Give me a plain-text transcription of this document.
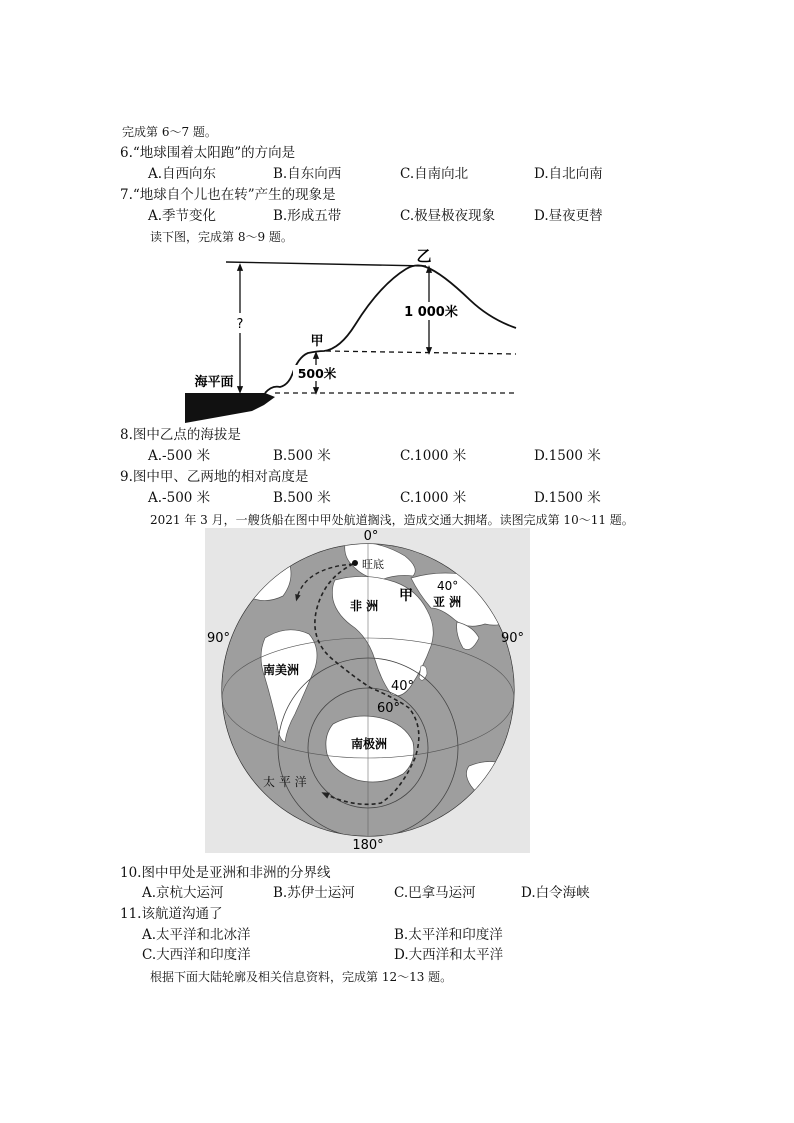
完成第 6～7 题。
6.“地球围着太阳跑”的方向是
A.自西向东	B.自东向西	C.自南向北	D.自北向南
7.“地球自个儿也在转”产生的现象是
A.季节变化	B.形成五带	C.极昼极夜现象	D.昼夜更替
读下图，完成第 8～9 题。
?
1 000米
500米
乙
甲
海平面
8.图中乙点的海拔是
A.-500 米	B.500 米	C.1000 米	D.1500 米
9.图中甲、乙两地的相对高度是
A.-500 米	B.500 米	C.1000 米	D.1500 米
2021 年 3 月，一艘货船在图中甲处航道搁浅，造成交通大拥堵。读图完成第 10～11 题。
0°
180°
90°	90°
旺底
非 洲
甲 亚 洲
40°
赤道
40°
60°
南美洲
南极洲
太 平 洋
10.图中甲处是亚洲和非洲的分界线
A.京杭大运河	B.苏伊士运河	C.巴拿马运河	D.白令海峡
11.该航道沟通了
A.太平洋和北冰洋	B.太平洋和印度洋
C.大西洋和印度洋	D.大西洋和太平洋
根据下面大陆轮廓及相关信息资料，完成第 12～13 题。
